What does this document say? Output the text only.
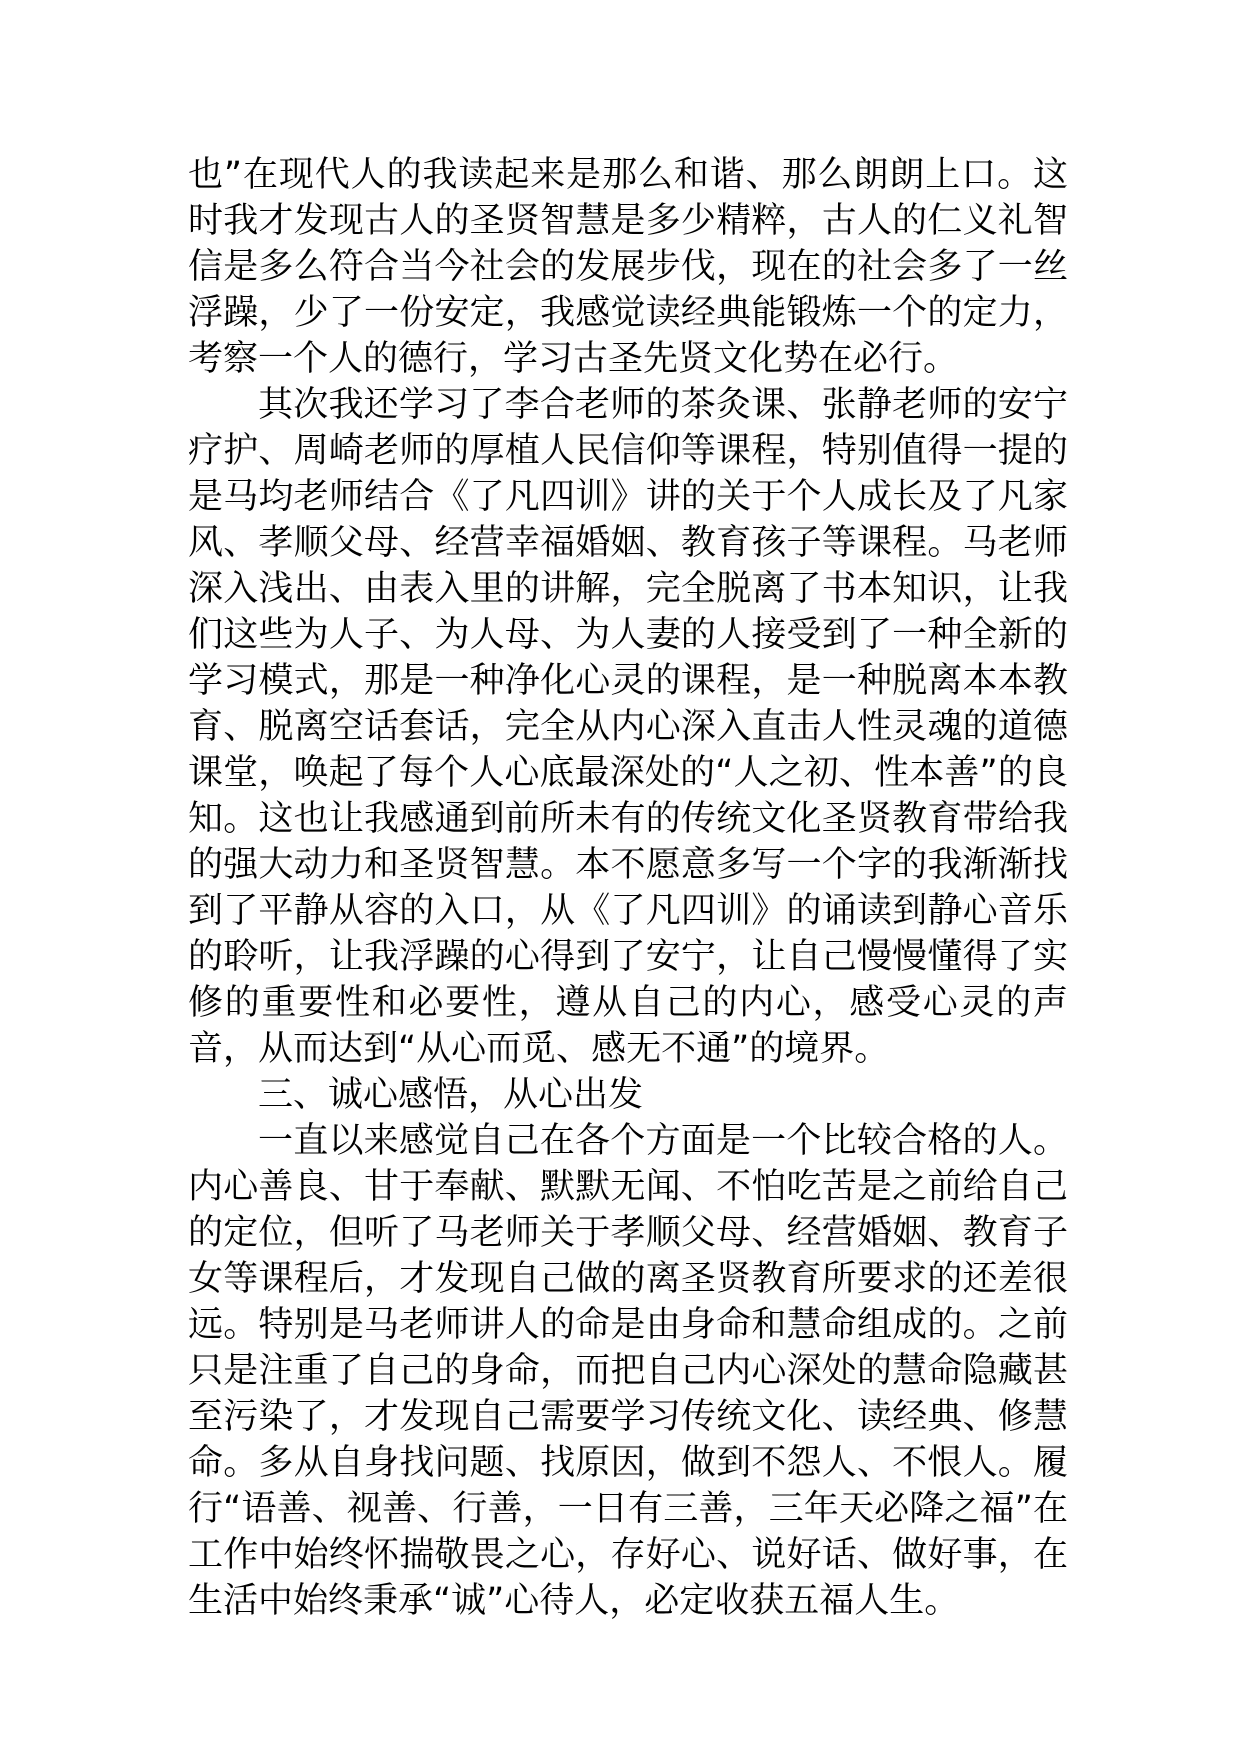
也”在现代人的我读起来是那么和谐、那么朗朗上口。这时我才发现古人的圣贤智慧是多少精粹，古人的仁义礼智信是多么符合当今社会的发展步伐，现在的社会多了一丝浮躁，少了一份安定，我感觉读经典能锻炼一个的定力，考察一个人的德行，学习古圣先贤文化势在必行。

其次我还学习了李合老师的茶灸课、张静老师的安宁疗护、周崎老师的厚植人民信仰等课程，特别值得一提的是马均老师结合《了凡四训》讲的关于个人成长及了凡家风、孝顺父母、经营幸福婚姻、教育孩子等课程。马老师深入浅出、由表入里的讲解，完全脱离了书本知识，让我们这些为人子、为人母、为人妻的人接受到了一种全新的学习模式，那是一种净化心灵的课程，是一种脱离本本教育、脱离空话套话，完全从内心深入直击人性灵魂的道德课堂，唤起了每个人心底最深处的“人之初、性本善”的良知。这也让我感通到前所未有的传统文化圣贤教育带给我的强大动力和圣贤智慧。本不愿意多写一个字的我渐渐找到了平静从容的入口，从《了凡四训》的诵读到静心音乐的聆听，让我浮躁的心得到了安宁，让自己慢慢懂得了实修的重要性和必要性，遵从自己的内心，感受心灵的声音，从而达到“从心而觅、感无不通”的境界。

三、诚心感悟，从心出发

一直以来感觉自己在各个方面是一个比较合格的人。内心善良、甘于奉献、默默无闻、不怕吃苦是之前给自己的定位，但听了马老师关于孝顺父母、经营婚姻、教育子女等课程后，才发现自己做的离圣贤教育所要求的还差很远。特别是马老师讲人的命是由身命和慧命组成的。之前只是注重了自己的身命，而把自己内心深处的慧命隐藏甚至污染了，才发现自己需要学习传统文化、读经典、修慧命。多从自身找问题、找原因，做到不怨人、不恨人。履行“语善、视善、行善，一日有三善，三年天必降之福”在工作中始终怀揣敬畏之心，存好心、说好话、做好事，在生活中始终秉承“诚”心待人，必定收获五福人生。
